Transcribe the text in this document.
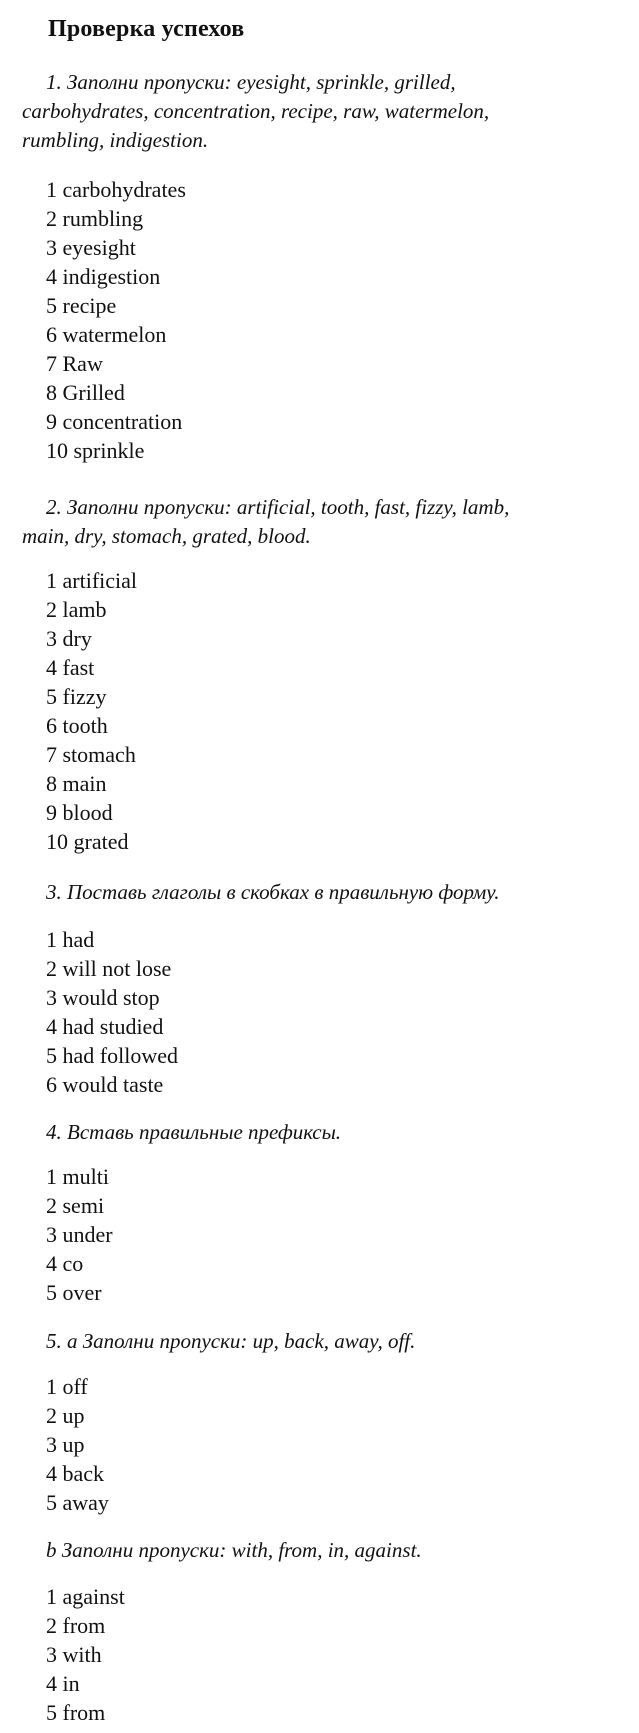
Проверка успехов
1. Заполни пропуски: eyesight, sprinkle, grilled,
carbohydrates, concentration, recipe, raw, watermelon,
rumbling, indigestion.
1 carbohydrates
2 rumbling
3 eyesight
4 indigestion
5 recipe
6 watermelon
7 Raw
8 Grilled
9 concentration
10 sprinkle
2. Заполни пропуски: artificial, tooth, fast, fizzy, lamb,
main, dry, stomach, grated, blood.
1 artificial
2 lamb
3 dry
4 fast
5 fizzy
6 tooth
7 stomach
8 main
9 blood
10 grated
3. Поставь глаголы в скобках в правильную форму.
1 had
2 will not lose
3 would stop
4 had studied
5 had followed
6 would taste
4. Вставь правильные префиксы.
1 multi
2 semi
3 under
4 co
5 over
5. a Заполни пропуски: up, back, away, off.
1 off
2 up
3 up
4 back
5 away
b Заполни пропуски: with, from, in, against.
1 against
2 from
3 with
4 in
5 from
